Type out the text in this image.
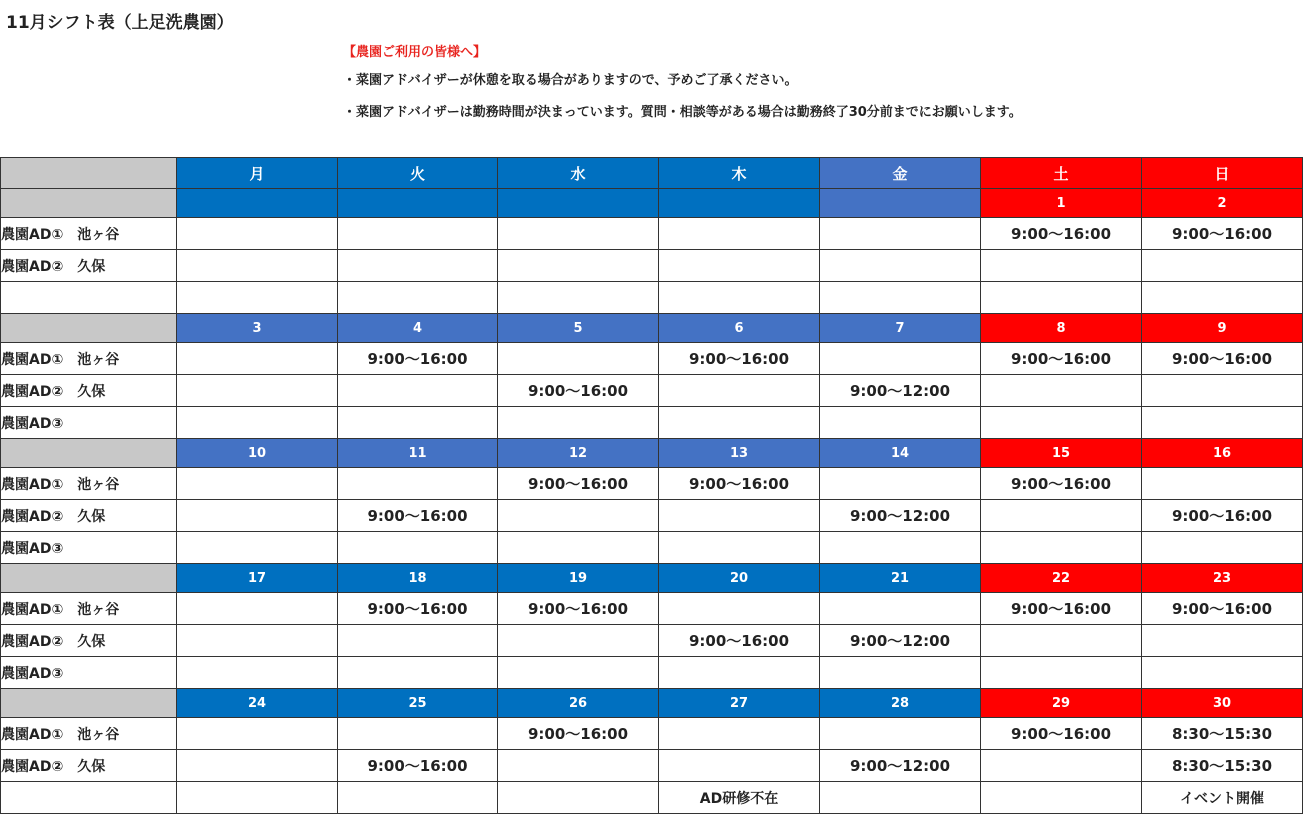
11月シフト表（上足洗農園）
【農園ご利用の皆様へ】
・菜園アドバイザーが休憩を取る場合がありますので、予めご了承ください。
・菜園アドバイザーは勤務時間が決まっています。質問・相談等がある場合は勤務終了30分前までにお願いします。
	月	火	水	木	金	土	日
						1	2
農園AD①　池ヶ谷						9:00〜16:00	9:00〜16:00
農園AD②　久保							

	3	4	5	6	7	8	9
農園AD①　池ヶ谷		9:00〜16:00		9:00〜16:00		9:00〜16:00	9:00〜16:00
農園AD②　久保			9:00〜16:00		9:00〜12:00		
農園AD③							
	10	11	12	13	14	15	16
農園AD①　池ヶ谷			9:00〜16:00	9:00〜16:00		9:00〜16:00	
農園AD②　久保		9:00〜16:00			9:00〜12:00		9:00〜16:00
農園AD③							
	17	18	19	20	21	22	23
農園AD①　池ヶ谷		9:00〜16:00	9:00〜16:00			9:00〜16:00	9:00〜16:00
農園AD②　久保				9:00〜16:00	9:00〜12:00		
農園AD③							
	24	25	26	27	28	29	30
農園AD①　池ヶ谷			9:00〜16:00			9:00〜16:00	8:30〜15:30
農園AD②　久保		9:00〜16:00			9:00〜12:00		8:30〜15:30
				AD研修不在			イベント開催
